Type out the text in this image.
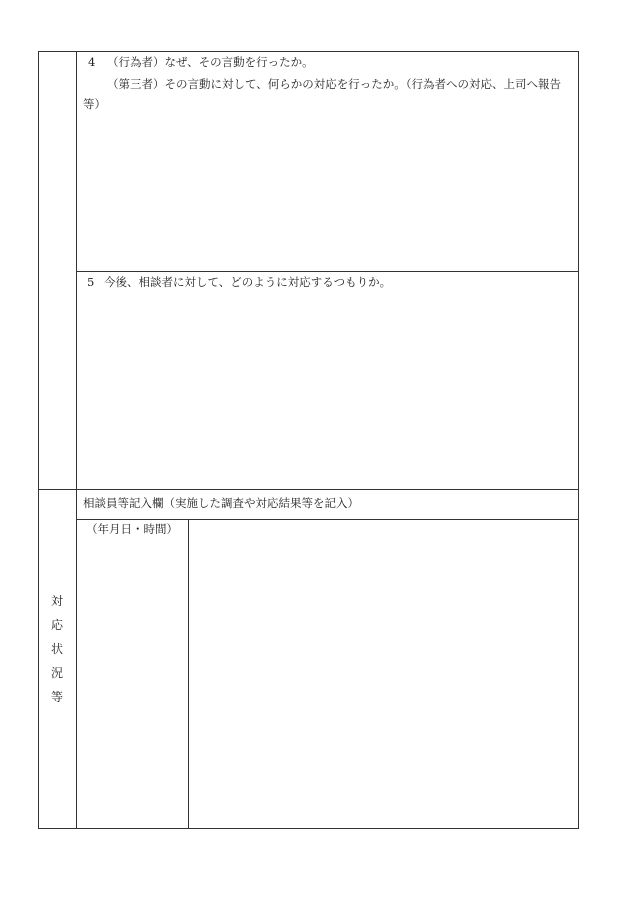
4 （行為者）なぜ、その言動を行ったか。
（第三者）その言動に対して、何らかの対応を行ったか。（行為者への対応、上司へ報告
等）
5 今後、相談者に対して、どのように対応するつもりか。
対
応
状
況
等
相談員等記入欄（実施した調査や対応結果等を記入）
（年月日・時間）
